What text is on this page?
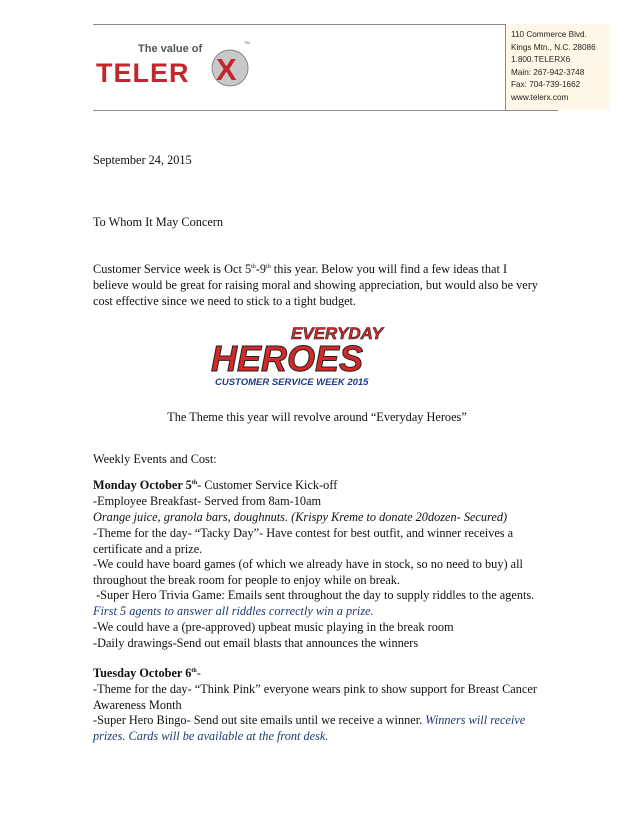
The value of
TM
TELER X
110 Commerce Blvd.
Kings Mtn., N.C. 28086
1.800.TELERX6
Main: 267-942-3748
Fax: 704-739-1662
www.telerx.com
September 24, 2015
To Whom It May Concern
Customer Service week is Oct 5th-9th this year. Below you will find a few ideas that I believe would be great for raising moral and showing appreciation, but would also be very cost effective since we need to stick to a tight budget.
EVERYDAY
HEROES
CUSTOMER SERVICE WEEK 2015
The Theme this year will revolve around “Everyday Heroes”
Weekly Events and Cost:
Monday October 5th- Customer Service Kick-off
-Employee Breakfast- Served from 8am-10am
Orange juice, granola bars, doughnuts. (Krispy Kreme to donate 20dozen- Secured)
-Theme for the day- “Tacky Day”- Have contest for best outfit, and winner receives a certificate and a prize.
-We could have board games (of which we already have in stock, so no need to buy) all throughout the break room for people to enjoy while on break.
-Super Hero Trivia Game: Emails sent throughout the day to supply riddles to the agents.
First 5 agents to answer all riddles correctly win a prize.
-We could have a (pre-approved) upbeat music playing in the break room
-Daily drawings-Send out email blasts that announces the winners
Tuesday October 6th-
-Theme for the day- “Think Pink” everyone wears pink to show support for Breast Cancer Awareness Month
-Super Hero Bingo- Send out site emails until we receive a winner. Winners will receive prizes. Cards will be available at the front desk.
